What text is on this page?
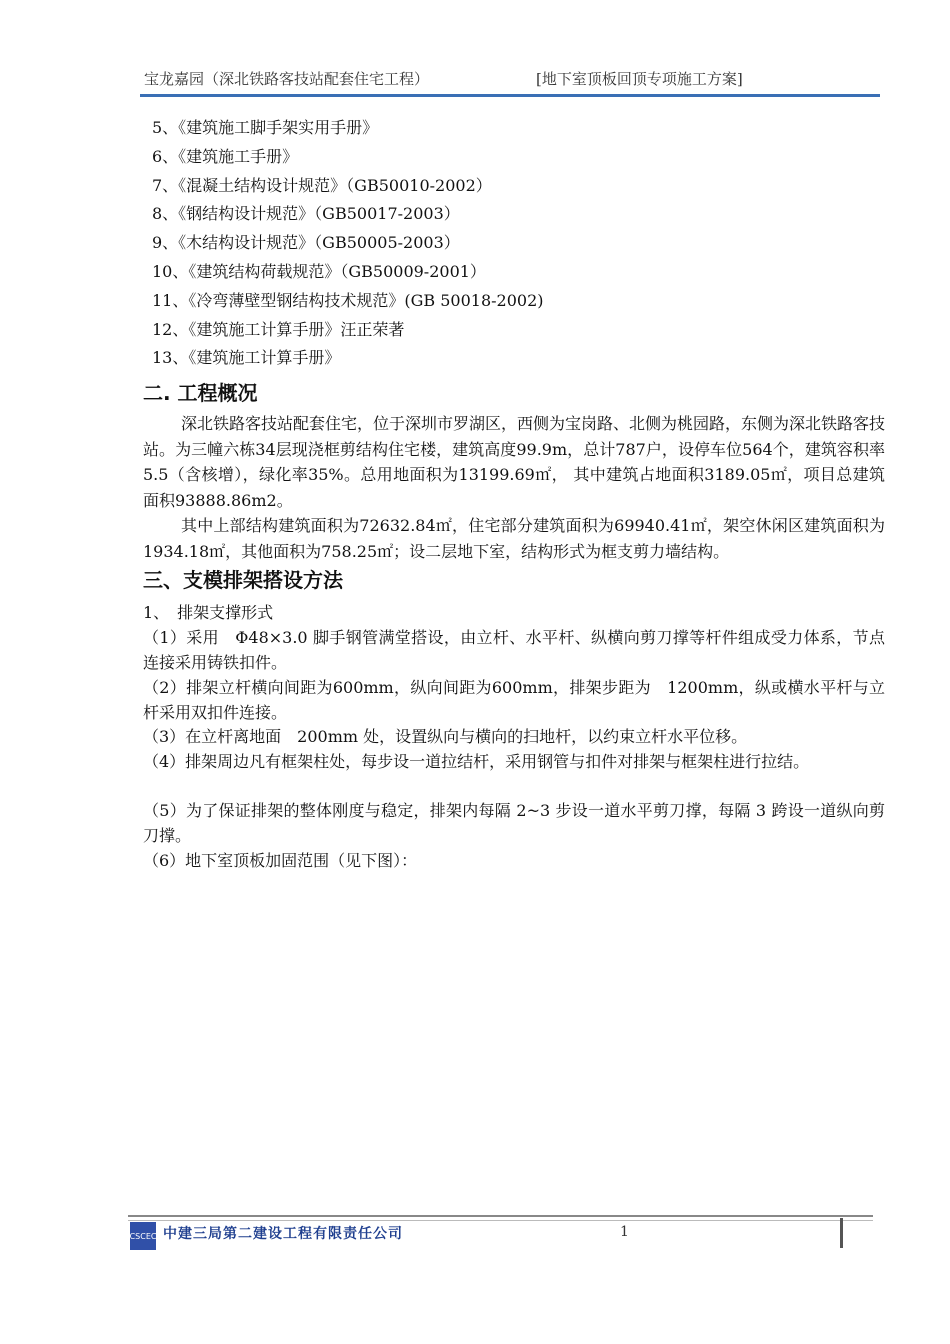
宝龙嘉园（深北铁路客技站配套住宅工程）	[地下室顶板回顶专项施工方案]
5、《建筑施工脚手架实用手册》
6、《建筑施工手册》
7、《混凝土结构设计规范》（GB50010-2002）
8、《钢结构设计规范》（GB50017-2003）
9、《木结构设计规范》（GB50005-2003）
10、《建筑结构荷载规范》（GB50009-2001）
11、《冷弯薄壁型钢结构技术规范》(GB 50018-2002)
12、《建筑施工计算手册》汪正荣著
13、《建筑施工计算手册》
二. 工程概况
深北铁路客技站配套住宅，位于深圳市罗湖区，西侧为宝岗路、北侧为桃园路，东侧为深北铁路客技站。为三幢六栋34层现浇框剪结构住宅楼，建筑高度99.9m，总计787户，设停车位564个，建筑容积率5.5（含核增），绿化率35%。总用地面积为13199.69㎡， 其中建筑占地面积3189.05㎡，项目总建筑面积93888.86m2。
其中上部结构建筑面积为72632.84㎡，住宅部分建筑面积为69940.41㎡，架空休闲区建筑面积为1934.18㎡，其他面积为758.25㎡；设二层地下室，结构形式为框支剪力墙结构。
三、支模排架搭设方法
1、　排架支撑形式
（1）采用　Φ48×3.0 脚手钢管满堂搭设，由立杆、水平杆、纵横向剪刀撑等杆件组成受力体系，节点连接采用铸铁扣件。
（2）排架立杆横向间距为600mm，纵向间距为600mm，排架步距为　1200mm，纵或横水平杆与立杆采用双扣件连接。
（3）在立杆离地面　200mm 处，设置纵向与横向的扫地杆，以约束立杆水平位移。
（4）排架周边凡有框架柱处，每步设一道拉结杆，采用钢管与扣件对排架与框架柱进行拉结。
（5）为了保证排架的整体刚度与稳定，排架内每隔 2~3 步设一道水平剪刀撑，每隔 3 跨设一道纵向剪刀撑。
（6）地下室顶板加固范围（见下图）：
CSCEC 中建三局第二建设工程有限责任公司	1
